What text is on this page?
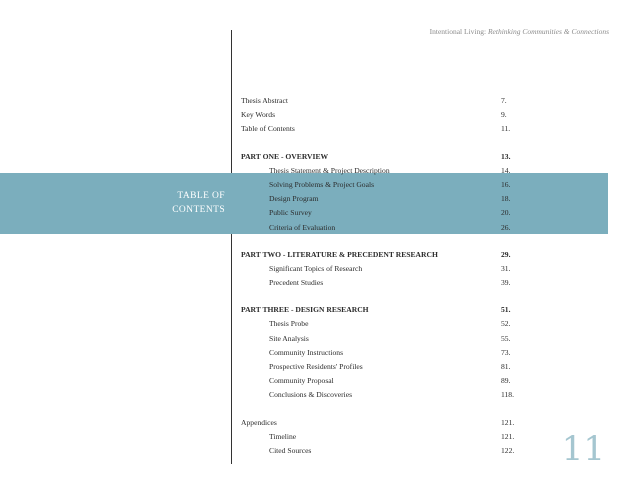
Intentional Living: Rethinking Communities & Connections
TABLE OF
CONTENTS
Thesis Abstract	7.
Key Words	9.
Table of Contents	11.
PART ONE - OVERVIEW	13.
Thesis Statement & Project Description	14.
Solving Problems & Project Goals	16.
Design Program	18.
Public Survey	20.
Criteria of Evaluation	26.
PART TWO - LITERATURE & PRECEDENT RESEARCH	29.
Significant Topics of Research	31.
Precedent Studies	39.
PART THREE - DESIGN RESEARCH	51.
Thesis Probe	52.
Site Analysis	55.
Community Instructions	73.
Prospective Residents' Profiles	81.
Community Proposal	89.
Conclusions & Discoveries	118.
Appendices	121.
Timeline	121.
Cited Sources	122. 11
